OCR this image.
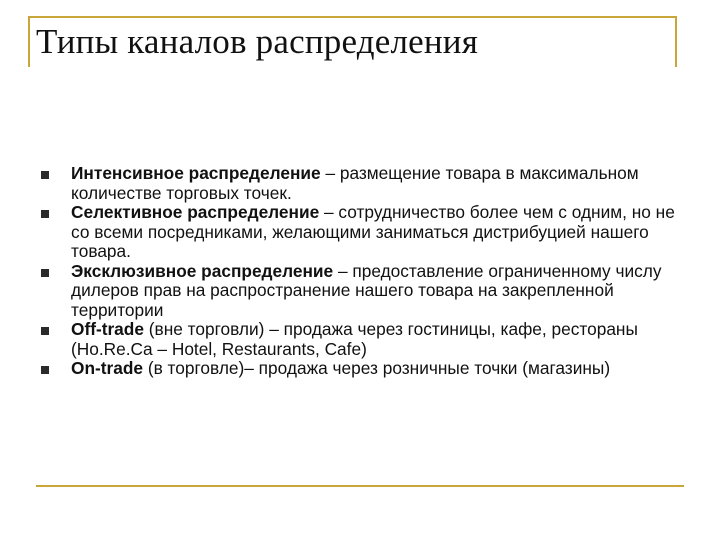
Типы каналов распределения
Интенсивное распределение – размещение товара в максимальном количестве торговых точек.
Селективное распределение – сотрудничество более чем с одним, но не со всеми посредниками, желающими заниматься дистрибуцией нашего товара.
Эксклюзивное распределение – предоставление ограниченному числу дилеров прав на распространение нашего товара на закрепленной территории
Off-trade (вне торговли) – продажа через гостиницы, кафе, рестораны (Ho.Re.Ca – Hotel, Restaurants, Cafe)
On-trade (в торговле)– продажа через розничные точки (магазины)
